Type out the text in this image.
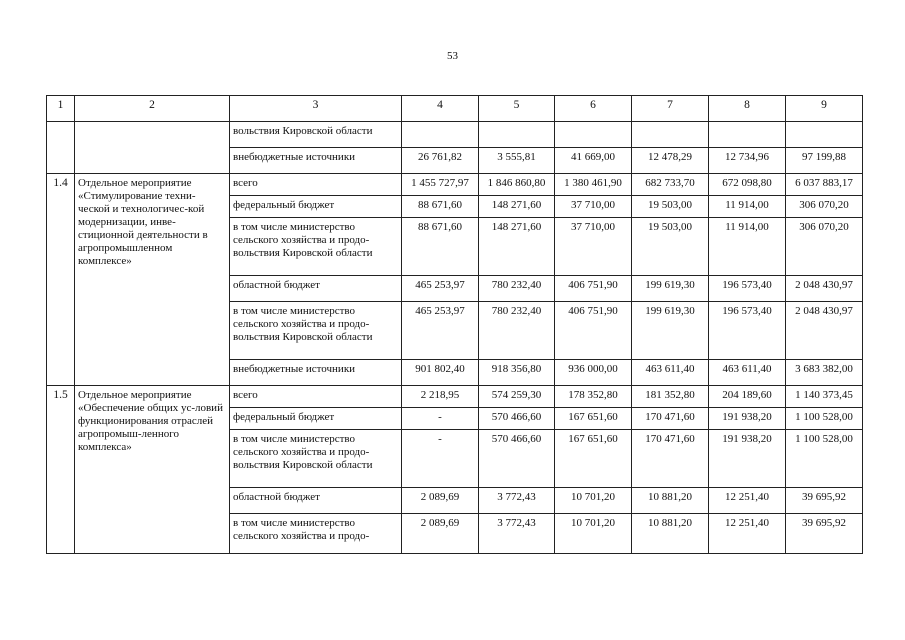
53
1	2	3	4	5	6	7	8	9
		вольствия Кировской области						
		внебюджетные источники	26 761,82	3 555,81	41 669,00	12 478,29	12 734,96	97 199,88
1.4	Отдельное мероприятие «Стимулирование техни-ческой и технологичес-кой модернизации, инве-стиционной деятельности в агропромышленном комплексе»	всего	1 455 727,97	1 846 860,80	1 380 461,90	682 733,70	672 098,80	6 037 883,17
		федеральный бюджет	88 671,60	148 271,60	37 710,00	19 503,00	11 914,00	306 070,20
		в том числе министерство сельского хозяйства и продо-вольствия Кировской области	88 671,60	148 271,60	37 710,00	19 503,00	11 914,00	306 070,20
		областной бюджет	465 253,97	780 232,40	406 751,90	199 619,30	196 573,40	2 048 430,97
		в том числе министерство сельского хозяйства и продо-вольствия Кировской области	465 253,97	780 232,40	406 751,90	199 619,30	196 573,40	2 048 430,97
		внебюджетные источники	901 802,40	918 356,80	936 000,00	463 611,40	463 611,40	3 683 382,00
1.5	Отдельное мероприятие «Обеспечение общих ус-ловий функционирования отраслей агропромыш-ленного комплекса»	всего	2 218,95	574 259,30	178 352,80	181 352,80	204 189,60	1 140 373,45
		федеральный бюджет	-	570 466,60	167 651,60	170 471,60	191 938,20	1 100 528,00
		в том числе министерство сельского хозяйства и продо-вольствия Кировской области	-	570 466,60	167 651,60	170 471,60	191 938,20	1 100 528,00
		областной бюджет	2 089,69	3 772,43	10 701,20	10 881,20	12 251,40	39 695,92
		в том числе министерство сельского хозяйства и продо-	2 089,69	3 772,43	10 701,20	10 881,20	12 251,40	39 695,92
